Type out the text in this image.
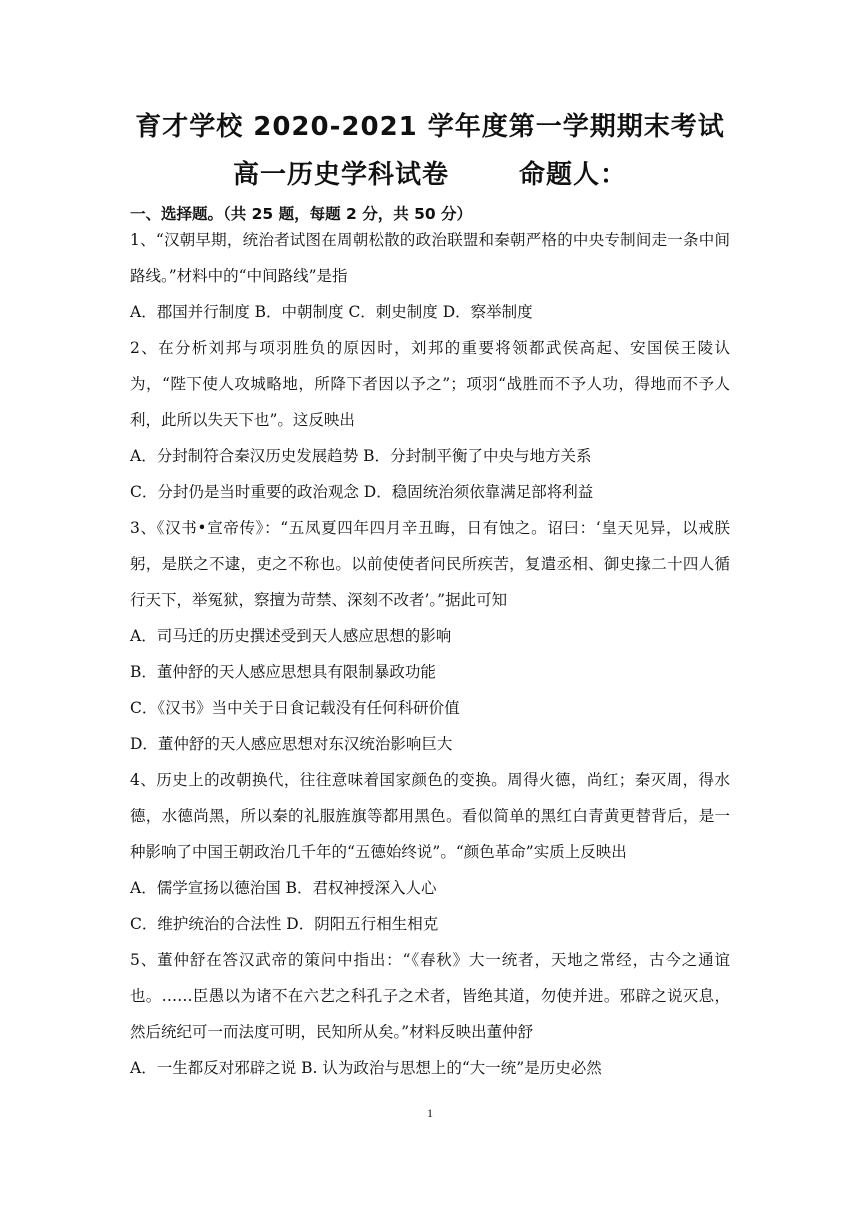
育才学校 2020-2021 学年度第一学期期末考试
高一历史学科试卷	命题人：
一、选择题。（共 25 题，每题 2 分，共 50 分）

1、“汉朝早期，统治者试图在周朝松散的政治联盟和秦朝严格的中央专制间走一条中间路线。”材料中的“中间路线”是指

A．郡国并行制度 B．中朝制度 C．刺史制度 D．察举制度

2、在分析刘邦与项羽胜负的原因时，刘邦的重要将领都武侯高起、安国侯王陵认为，“陛下使人攻城略地，所降下者因以予之”；项羽“战胜而不予人功，得地而不予人利，此所以失天下也”。这反映出

A．分封制符合秦汉历史发展趋势 B．分封制平衡了中央与地方关系

C．分封仍是当时重要的政治观念 D．稳固统治须依靠满足部将利益

3、《汉书•宣帝传》：“五凤夏四年四月辛丑晦，日有蚀之。诏曰：‘皇天见异，以戒朕躬，是朕之不逮，吏之不称也。以前使使者问民所疾苦，复遣丞相、御史掾二十四人循行天下，举冤狱，察擅为苛禁、深刻不改者’。”据此可知

A．司马迁的历史撰述受到天人感应思想的影响

B．董仲舒的天人感应思想具有限制暴政功能

C．《汉书》当中关于日食记载没有任何科研价值

D．董仲舒的天人感应思想对东汉统治影响巨大

4、历史上的改朝换代，往往意味着国家颜色的变换。周得火德，尚红；秦灭周，得水德，水德尚黑，所以秦的礼服旌旗等都用黑色。看似简单的黑红白青黄更替背后，是一种影响了中国王朝政治几千年的“五德始终说”。“颜色革命”实质上反映出

A．儒学宣扬以德治国 B．君权神授深入人心

C．维护统治的合法性 D．阴阳五行相生相克

5、董仲舒在答汉武帝的策问中指出：“《春秋》大一统者，天地之常经，古今之通谊也。……臣愚以为诸不在六艺之科孔子之术者，皆绝其道，勿使并进。邪辟之说灭息，然后统纪可一而法度可明，民知所从矣。”材料反映出董仲舒

A．一生都反对邪辟之说 B. 认为政治与思想上的“大一统”是历史必然

1
